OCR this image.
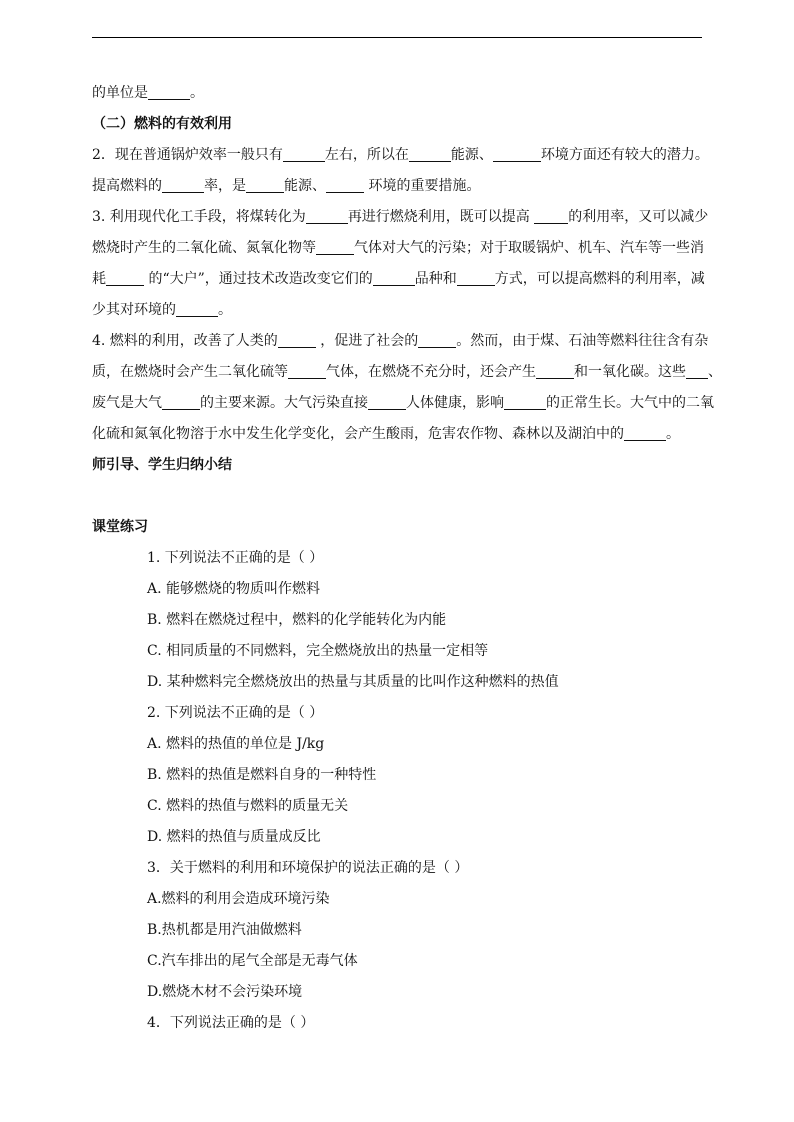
的单位是	。
（二）燃料的有效利用
2．现在普通锅炉效率一般只有	左右，所以在	能源、	环境方面还有较大的潜力。
提高燃料的	率，是	能源、	环境的重要措施。
3. 利用现代化工手段，将煤转化为	再进行燃烧利用，既可以提高 的利用率，又可以减少
燃烧时产生的二氧化硫、氮氧化物等	气体对大气的污染；对于取暖锅炉、机车、汽车等一些消
耗	的“大户”，通过技术改造改变它们的	品种和	方式，可以提高燃料的利用率，减
少其对环境的	。
4. 燃料的利用，改善了人类的	，促进了社会的	。然而，由于煤、石油等燃料往往含有杂
质，在燃烧时会产生二氧化硫等	气体，在燃烧不充分时，还会产生	和一氧化碳。这些 、
废气是大气	的主要来源。大气污染直接	人体健康，影响	的正常生长。大气中的二氧
化硫和氮氧化物溶于水中发生化学变化，会产生酸雨，危害农作物、森林以及湖泊中的	。
师引导、学生归纳小结
课堂练习
1. 下列说法不正确的是（ ）
A. 能够燃烧的物质叫作燃料
B. 燃料在燃烧过程中，燃料的化学能转化为内能
C. 相同质量的不同燃料，完全燃烧放出的热量一定相等
D. 某种燃料完全燃烧放出的热量与其质量的比叫作这种燃料的热值
2. 下列说法不正确的是（ ）
A. 燃料的热值的单位是 J/kg
B. 燃料的热值是燃料自身的一种特性
C. 燃料的热值与燃料的质量无关
D. 燃料的热值与质量成反比
3．关于燃料的利用和环境保护的说法正确的是（ ）
A.燃料的利用会造成环境污染
B.热机都是用汽油做燃料
C.汽车排出的尾气全部是无毒气体
D.燃烧木材不会污染环境
4．下列说法正确的是（ ）
